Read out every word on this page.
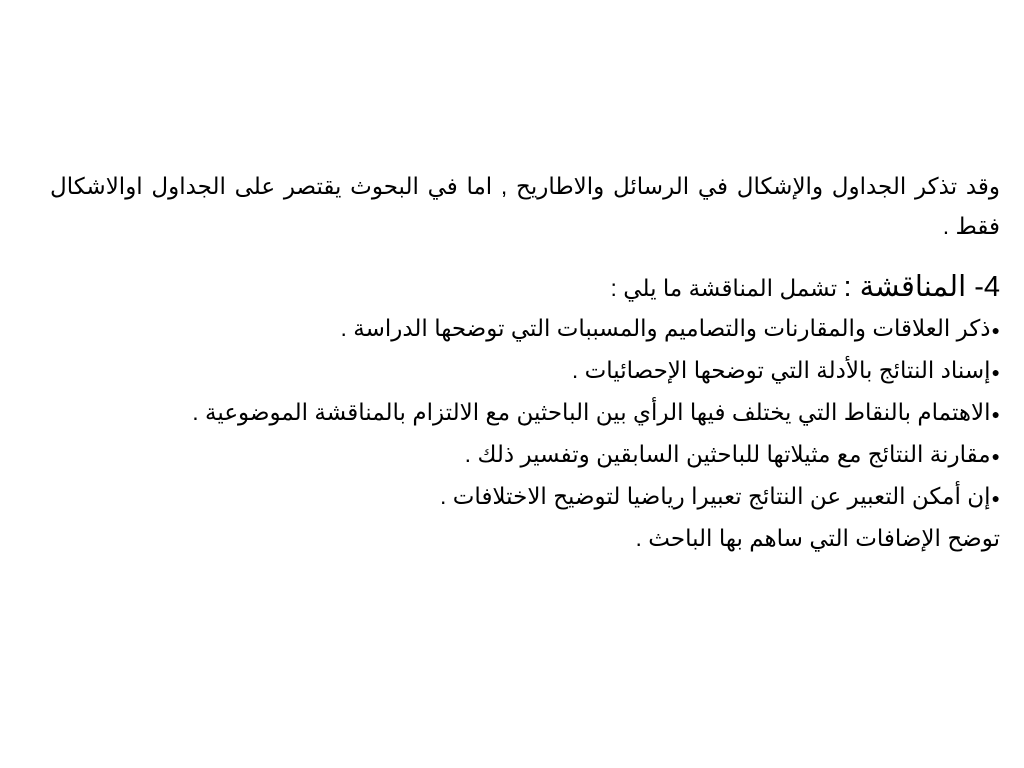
وقد تذكر الجداول والإشكال في الرسائل والاطاريح , اما في البحوث يقتصر على الجداول اوالاشكال فقط .

4- المناقشة : تشمل المناقشة ما يلي :

●ذكر العلاقات والمقارنات والتصاميم والمسببات التي توضحها الدراسة .

●إسناد النتائج بالأدلة التي توضحها الإحصائيات .

●الاهتمام بالنقاط التي يختلف فيها الرأي بين الباحثين مع الالتزام بالمناقشة الموضوعية .

●مقارنة النتائج مع مثيلاتها للباحثين السابقين وتفسير ذلك .

●إن أمكن التعبير عن النتائج تعبيرا رياضيا لتوضيح الاختلافات .

توضح الإضافات التي ساهم بها الباحث .
